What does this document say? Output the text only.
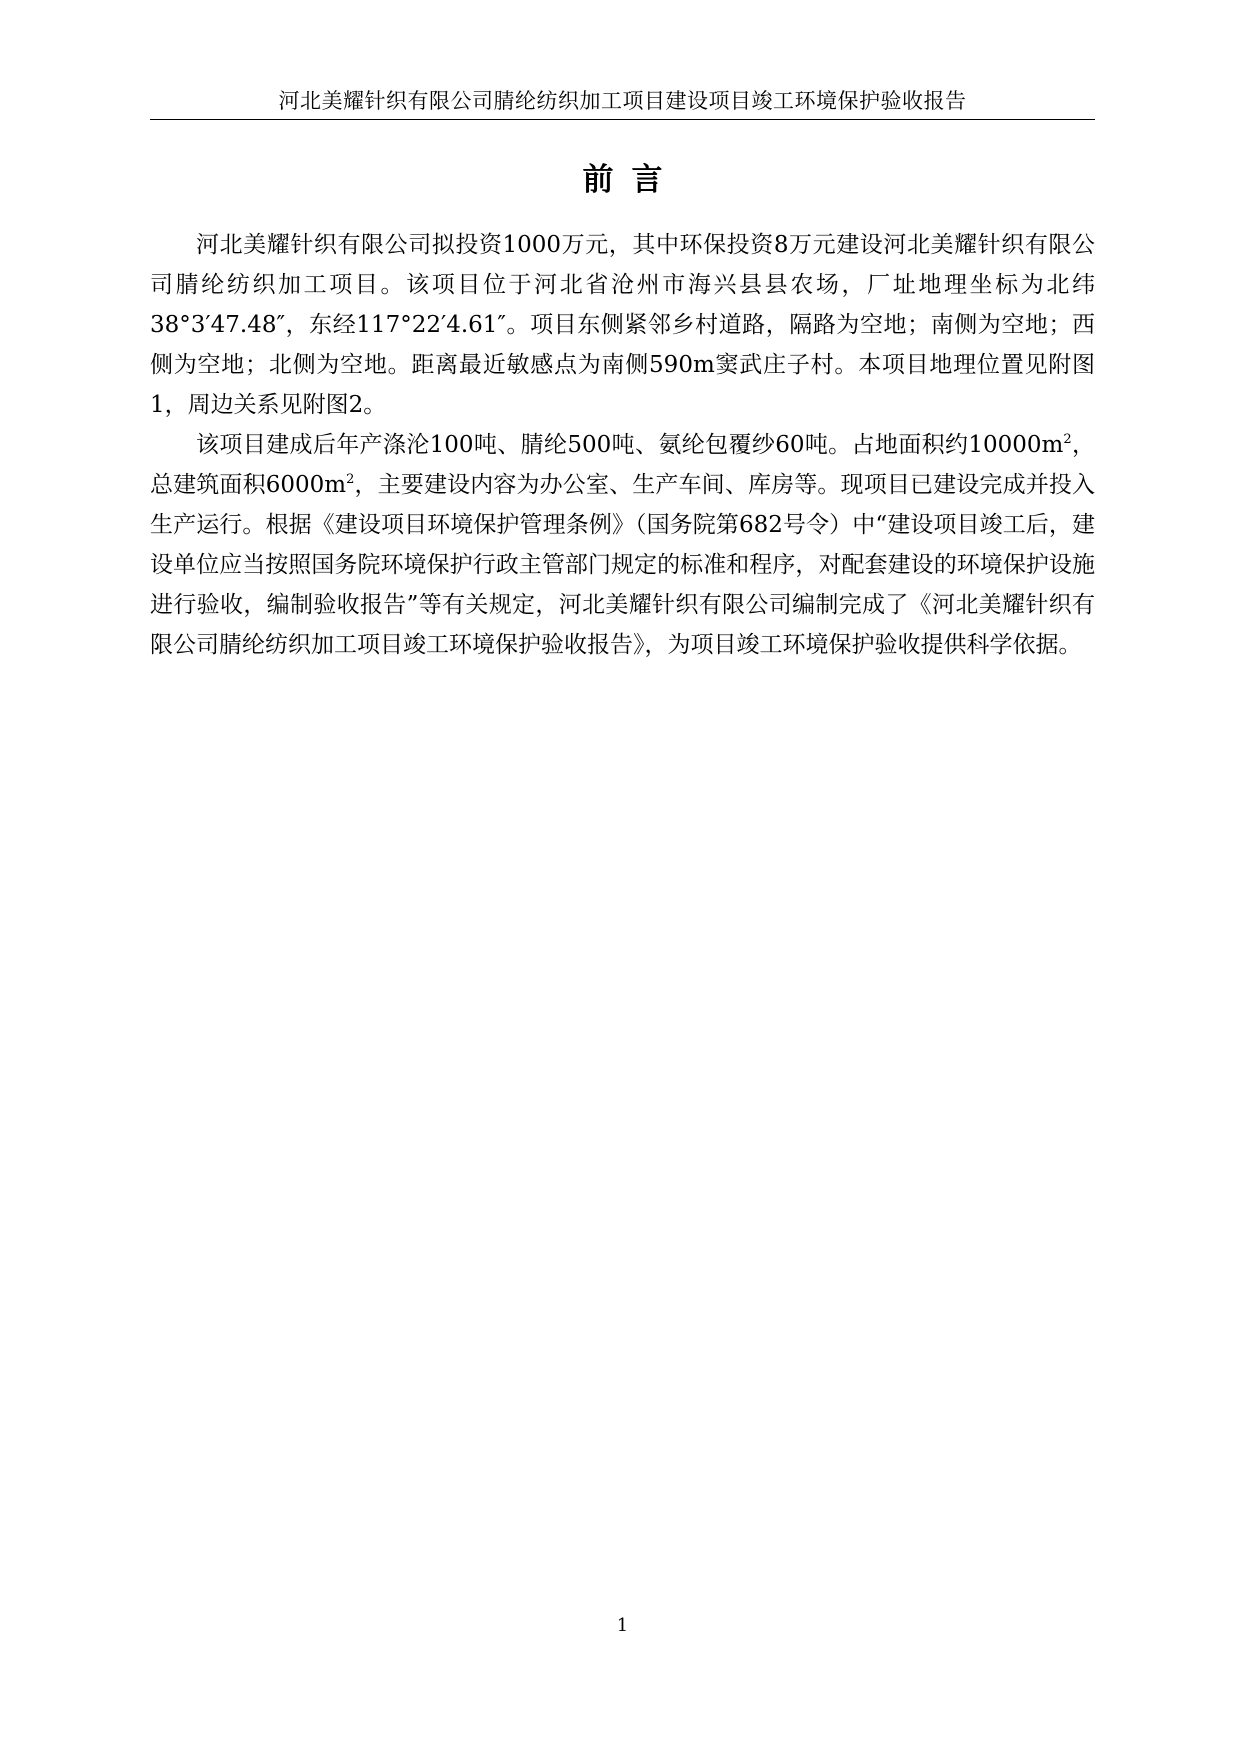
河北美耀针织有限公司腈纶纺织加工项目建设项目竣工环境保护验收报告
前言

河北美耀针织有限公司拟投资1000万元，其中环保投资8万元建设河北美耀针织有限公司腈纶纺织加工项目。该项目位于河北省沧州市海兴县县农场，厂址地理坐标为北纬38°3′47.48″，东经117°22′4.61″。项目东侧紧邻乡村道路，隔路为空地；南侧为空地；西侧为空地；北侧为空地。距离最近敏感点为南侧590m窦武庄子村。本项目地理位置见附图1，周边关系见附图2。

该项目建成后年产涤沦100吨、腈纶500吨、氨纶包覆纱60吨。占地面积约$10000m^2$，总建筑面积$6000m^2$，主要建设内容为办公室、生产车间、库房等。现项目已建设完成并投入生产运行。根据《建设项目环境保护管理条例》（国务院第682号令）中“建设项目竣工后，建设单位应当按照国务院环境保护行政主管部门规定的标准和程序，对配套建设的环境保护设施进行验收，编制验收报告”等有关规定，河北美耀针织有限公司编制完成了《河北美耀针织有限公司腈纶纺织加工项目竣工环境保护验收报告》，为项目竣工环境保护验收提供科学依据。

1
